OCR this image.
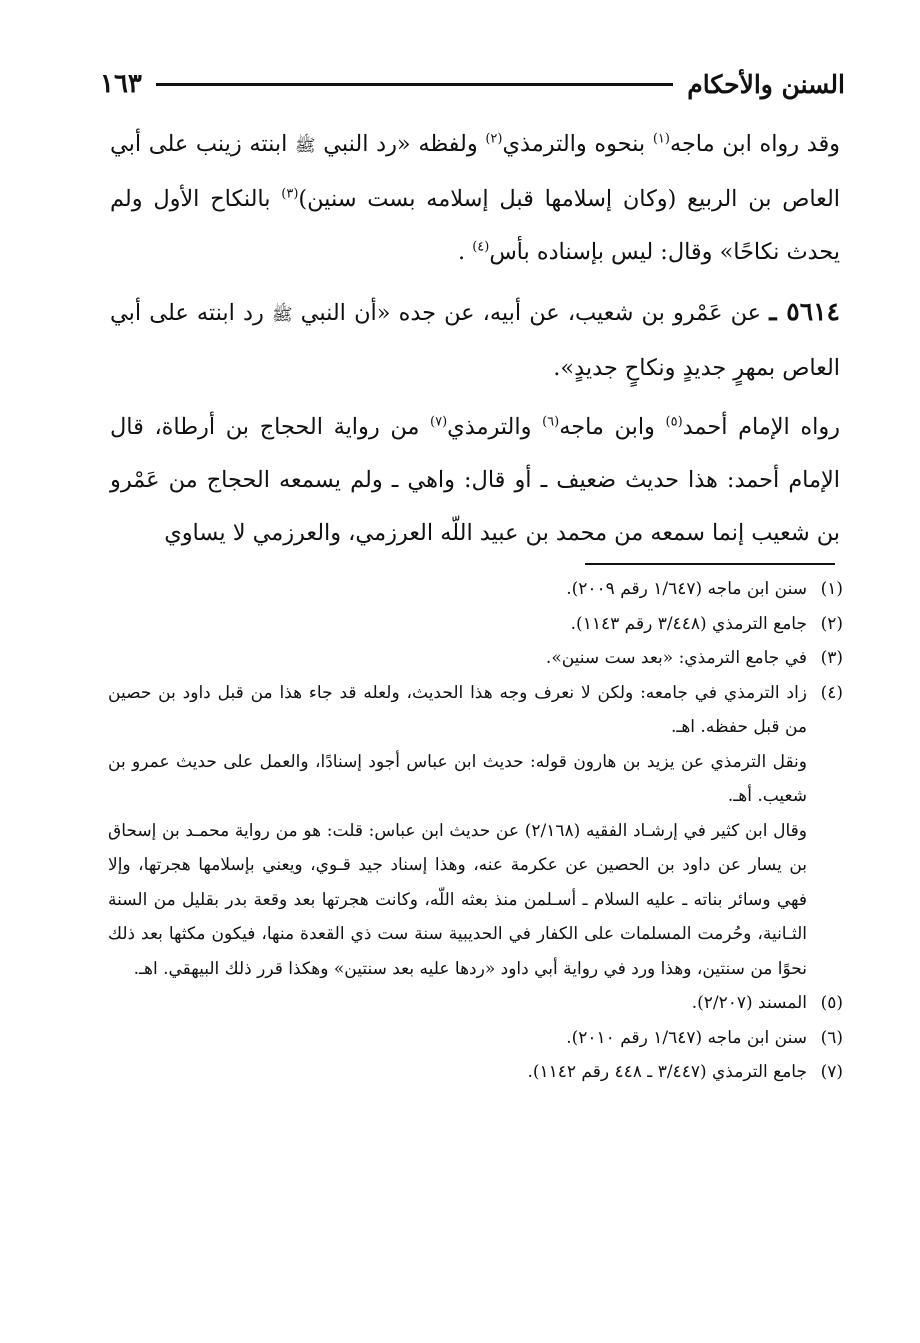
السنن والأحكام
١٦٣

وقد رواه ابن ماجه$^{(١)}$ بنحوه والترمذي$^{(٢)}$ ولفظه «رد النبي ﷺ ابنته زينب على أبي العاص بن الربيع (وكان إسلامها قبل إسلامه بست سنين)$^{(٣)}$ بالنكاح الأول ولم يحدث نكاحًا» وقال: ليس بإسناده بأس$^{(٤)}$ .

٥٦١٤ ـ عن عَمْرو بن شعيب، عن أبيه، عن جده «أن النبي ﷺ رد ابنته على أبي العاص بمهرٍ جديدٍ ونكاحٍ جديدٍ».

رواه الإمام أحمد$^{(٥)}$ وابن ماجه$^{(٦)}$ والترمذي$^{(٧)}$ من رواية الحجاج بن أرطاة، قال الإمام أحمد: هذا حديث ضعيف ـ أو قال: واهي ـ ولم يسمعه الحجاج من عَمْرو بن شعيب إنما سمعه من محمد بن عبيد اللّه العرزمي، والعرزمي لا يساوي

(١)
سنن ابن ماجه (١/٦٤٧ رقم ٢٠٠٩).
(٢)
جامع الترمذي (٣/٤٤٨ رقم ١١٤٣).
(٣)
في جامع الترمذي: «بعد ست سنين».
(٤)
زاد الترمذي في جامعه: ولكن لا نعرف وجه هذا الحديث، ولعله قد جاء هذا من قبل داود بن حصين من قبل حفظه. اهـ.
ونقل الترمذي عن يزيد بن هارون قوله: حديث ابن عباس أجود إسنادًا، والعمل على حديث عمرو بن شعيب. أهـ.
وقال ابن كثير في إرشـاد الفقيه (٢/١٦٨) عن حديث ابن عباس: قلت: هو من رواية محمـد بن إسحاق بن يسار عن داود بن الحصين عن عكرمة عنه، وهذا إسناد جيد قـوي، ويعني بإسلامها هجرتها، وإلا فهي وسائر بناته ـ عليه السلام ـ أسـلمن منذ بعثه اللّه، وكانت هجرتها بعد وقعة بدر بقليل من السنة الثـانية، وحُرمت المسلمات على الكفار في الحديبية سنة ست ذي القعدة منها، فيكون مكثها بعد ذلك نحوًا من سنتين، وهذا ورد في رواية أبي داود «ردها عليه بعد سنتين» وهكذا قرر ذلك البيهقي. اهـ.
(٥)
المسند (٢/٢٠٧).
(٦)
سنن ابن ماجه (١/٦٤٧ رقم ٢٠١٠).
(٧)
جامع الترمذي (٣/٤٤٧ ـ ٤٤٨ رقم ١١٤٢).
